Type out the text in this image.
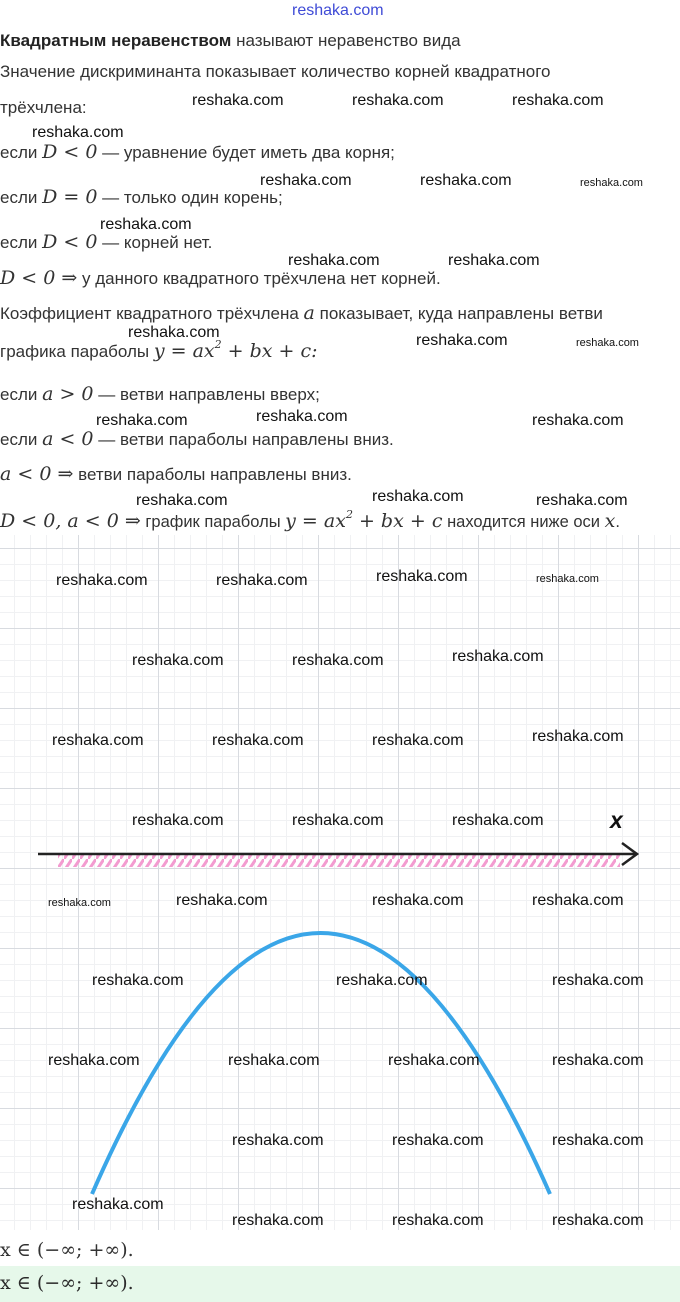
reshaka.com
Квадратным неравенством называют неравенство вида
Значение дискриминанта показывает количество корней квадратного
трёхчлена:
если D < 0 — уравнение будет иметь два корня;
если D = 0 — только один корень;
если D < 0 — корней нет.
D < 0 ⇒ у данного квадратного трёхчлена нет корней.
Коэффициент квадратного трёхчлена a показывает, куда направлены ветви
графика параболы $y = ax^2$ + bx + c:
если a > 0 — ветви направлены вверх;
если a < 0 — ветви параболы направлены вниз.
a < 0 ⇒ ветви параболы направлены вниз.
D < 0, a < 0 ⇒ график параболы $y = ax^2$ + bx + c находится ниже оси x.
x
x ∈ (−∞; +∞).
x ∈ (−∞; +∞).
reshaka.com	reshaka.com	reshaka.com
reshaka.com
reshaka.com	reshaka.com	reshaka.com
reshaka.com
reshaka.com	reshaka.com
reshaka.com	reshaka.com	reshaka.com
reshaka.com
reshaka.com	reshaka.com
reshaka.com
reshaka.com	reshaka.com
reshaka.com	reshaka.com	reshaka.com	reshaka.com
reshaka.com	reshaka.com	reshaka.com
reshaka.com	reshaka.com	reshaka.com	reshaka.com
reshaka.com	reshaka.com	reshaka.com
reshaka.com	reshaka.com	reshaka.com	reshaka.com
reshaka.com	reshaka.com	reshaka.com
reshaka.com	reshaka.com	reshaka.com	reshaka.com
reshaka.com	reshaka.com	reshaka.com
reshaka.com
reshaka.com	reshaka.com	reshaka.com
